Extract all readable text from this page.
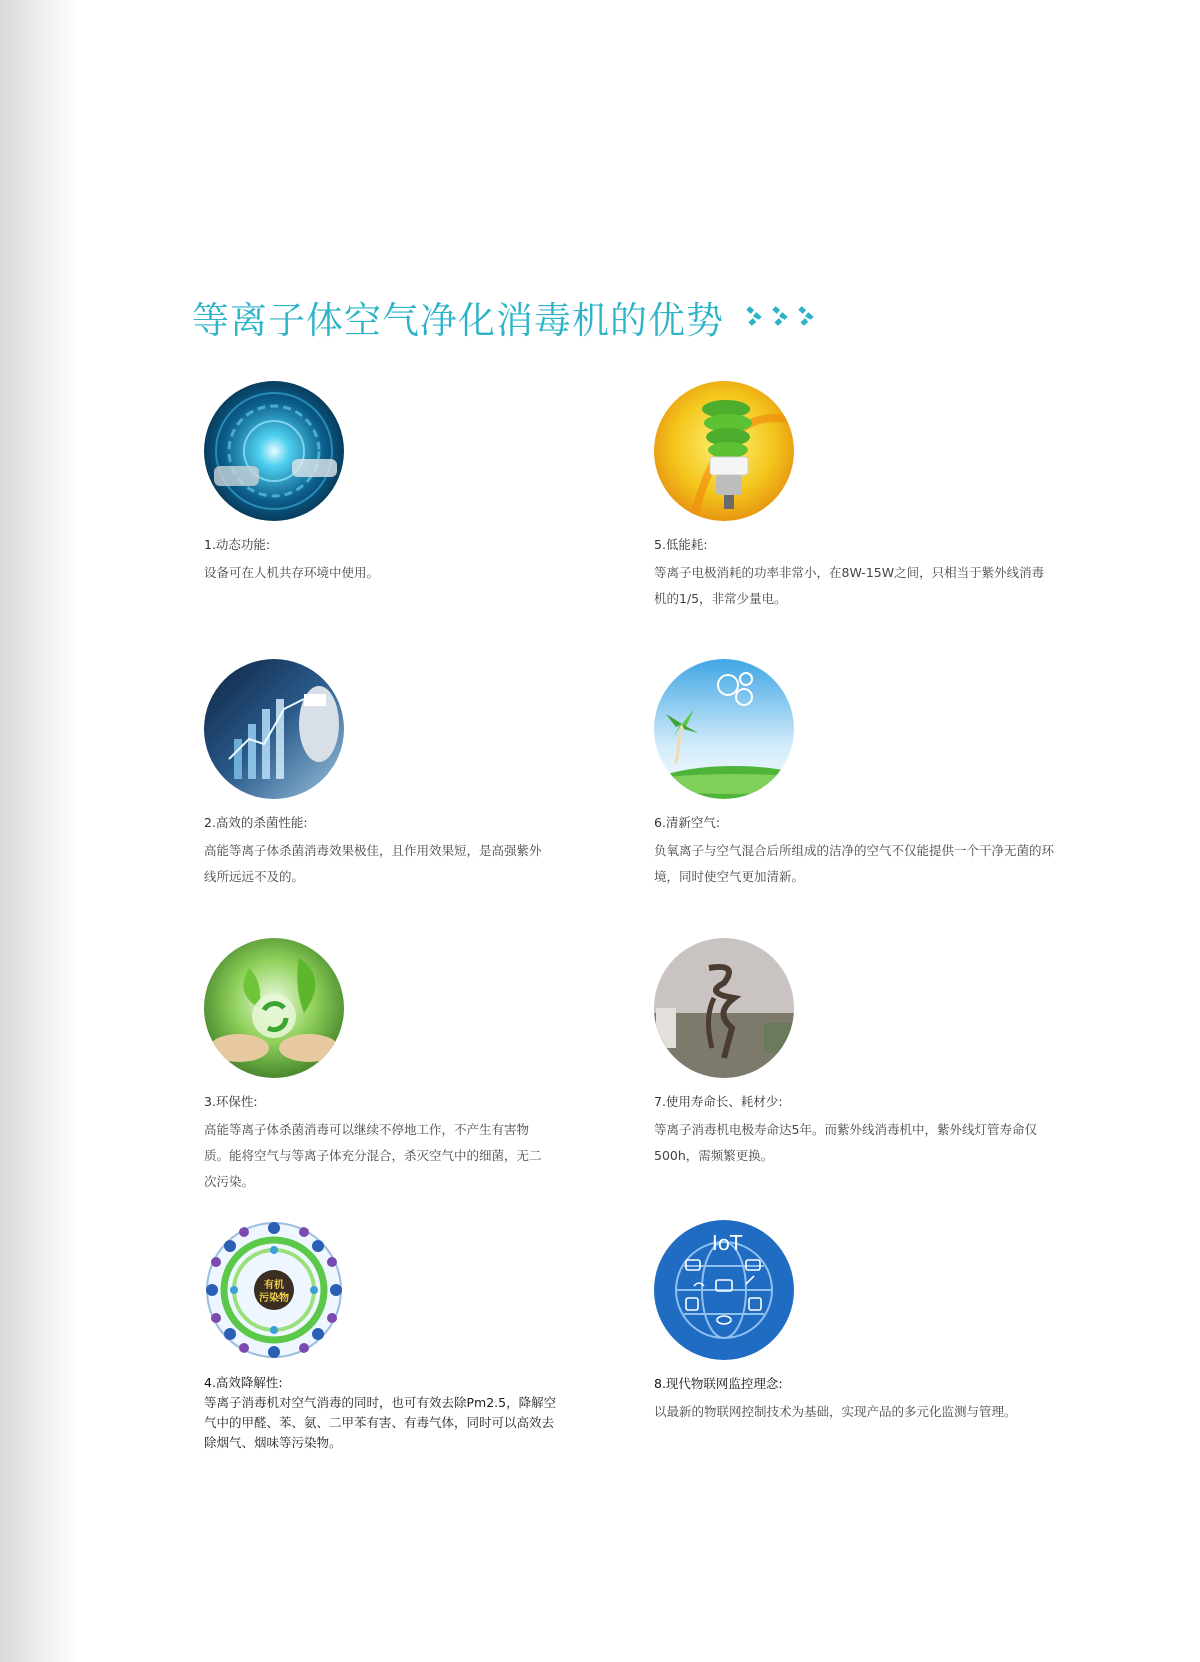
等离子体空气净化消毒机的优势
1.动态功能:
设备可在人机共存环境中使用。
5.低能耗:
等离子电极消耗的功率非常小，在8W-15W之间，只相当于紫外线消毒机的1/5，非常少量电。
2.高效的杀菌性能:
高能等离子体杀菌消毒效果极佳，且作用效果短，是高强紫外线所远远不及的。
6.清新空气:
负氧离子与空气混合后所组成的洁净的空气不仅能提供一个干净无菌的环境，同时使空气更加清新。
3.环保性:
高能等离子体杀菌消毒可以继续不停地工作，不产生有害物质。能将空气与等离子体充分混合，杀灭空气中的细菌，无二次污染。
7.使用寿命长、耗材少:
等离子消毒机电极寿命达5年。而紫外线消毒机中，紫外线灯管寿命仅500h，需频繁更换。
有机
污染物
4.高效降解性:
等离子消毒机对空气消毒的同时，也可有效去除Pm2.5，降解空气中的甲醛、苯、氨、二甲苯有害、有毒气体，同时可以高效去除烟气、烟味等污染物。
IoT
8.现代物联网监控理念:
以最新的物联网控制技术为基础，实现产品的多元化监测与管理。
